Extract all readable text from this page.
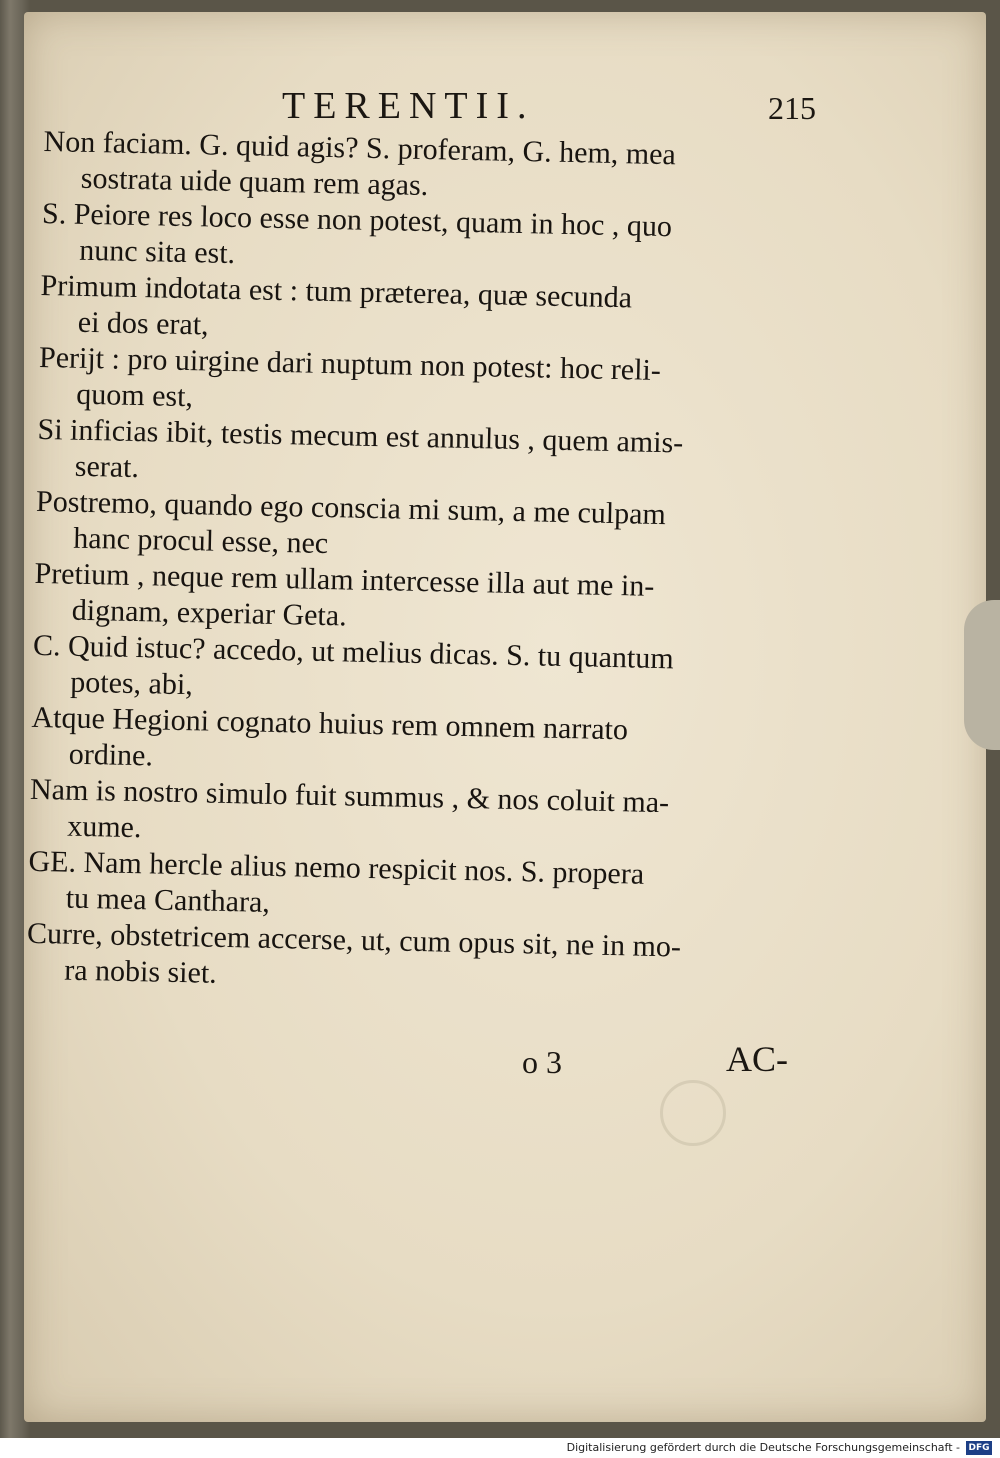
TERENTII.	215
Non faciam. G. quid agis? S. proferam, G. hem, mea
sostrata uide quam rem agas.
S. Peiore res loco esse non potest, quam in hoc , quo
nunc sita est.
Primum indotata est : tum præterea, quæ secunda
ei dos erat,
Perijt : pro uirgine dari nuptum non potest: hoc reli-
quom est,
Si inficias ibit, testis mecum est annulus , quem amis-
serat.
Postremo, quando ego conscia mi sum, a me culpam
hanc procul esse, nec
Pretium , neque rem ullam intercesse illa aut me in-
dignam, experiar Geta.
C. Quid istuc? accedo, ut melius dicas. S. tu quantum
potes, abi,
Atque Hegioni cognato huius rem omnem narrato
ordine.
Nam is nostro simulo fuit summus , & nos coluit ma-
xume.
GE. Nam hercle alius nemo respicit nos. S. propera
tu mea Canthara,
Curre, obstetricem accerse, ut, cum opus sit, ne in mo-
ra nobis siet.
o 3	AC-
Digitalisierung gefördert durch die Deutsche Forschungsgemeinschaft - DFG
